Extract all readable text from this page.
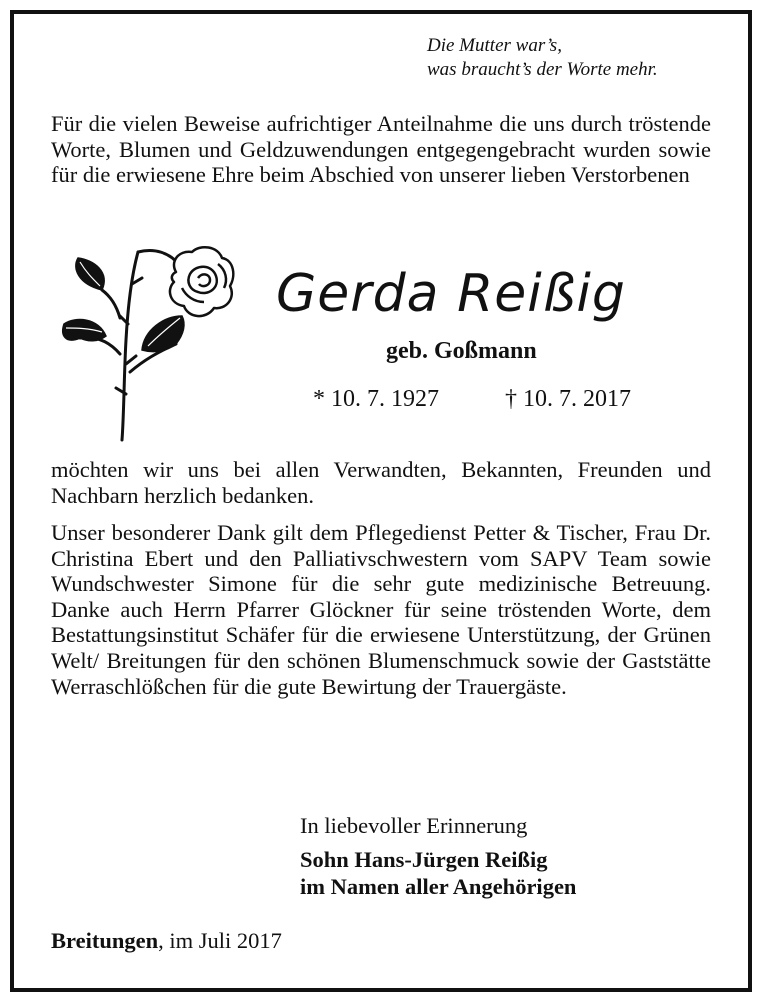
Die Mutter war’s,
was braucht’s der Worte mehr.
Für die vielen Beweise aufrichtiger Anteilnahme die uns durch tröstende Worte, Blumen und Geldzuwendungen entgegengebracht wurden sowie für die erwiesene Ehre beim Abschied von unserer lieben Verstorbenen
Gerda Reißig
geb. Goßmann
* 10. 7. 1927	† 10. 7. 2017
möchten wir uns bei allen Verwandten, Bekannten, Freunden und Nachbarn herzlich bedanken.
Unser besonderer Dank gilt dem Pflegedienst Petter & Tischer, Frau Dr. Christina Ebert und den Palliativschwestern vom SAPV Team sowie Wundschwester Simone für die sehr gute medizinische Betreuung. Danke auch Herrn Pfarrer Glöckner für seine tröstenden Worte, dem Bestattungsinstitut Schäfer für die erwiesene Unterstützung, der Grünen Welt/ Breitungen für den schönen Blumenschmuck sowie der Gaststätte Werraschlößchen für die gute Bewirtung der Trauergäste.
In liebevoller Erinnerung
Sohn Hans-Jürgen Reißig
im Namen aller Angehörigen
Breitungen, im Juli 2017
